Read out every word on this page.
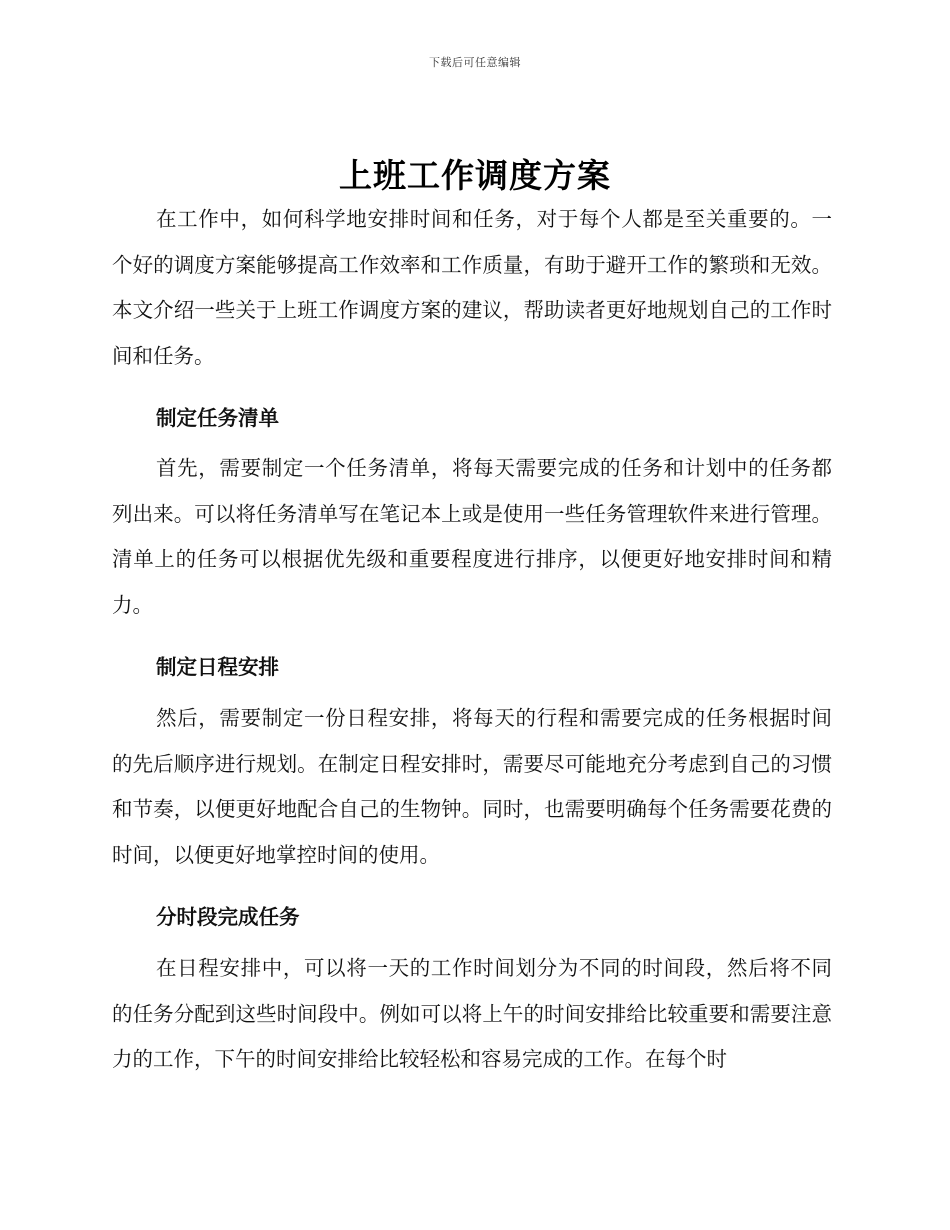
下载后可任意编辑
上班工作调度方案
在工作中，如何科学地安排时间和任务，对于每个人都是至关重要的。一个好的调度方案能够提高工作效率和工作质量，有助于避开工作的繁琐和无效。本文介绍一些关于上班工作调度方案的建议，帮助读者更好地规划自己的工作时间和任务。
制定任务清单
首先，需要制定一个任务清单，将每天需要完成的任务和计划中的任务都列出来。可以将任务清单写在笔记本上或是使用一些任务管理软件来进行管理。清单上的任务可以根据优先级和重要程度进行排序，以便更好地安排时间和精力。
制定日程安排
然后，需要制定一份日程安排，将每天的行程和需要完成的任务根据时间的先后顺序进行规划。在制定日程安排时，需要尽可能地充分考虑到自己的习惯和节奏，以便更好地配合自己的生物钟。同时，也需要明确每个任务需要花费的时间，以便更好地掌控时间的使用。
分时段完成任务
在日程安排中，可以将一天的工作时间划分为不同的时间段，然后将不同的任务分配到这些时间段中。例如可以将上午的时间安排给比较重要和需要注意力的工作，下午的时间安排给比较轻松和容易完成的工作。在每个时
